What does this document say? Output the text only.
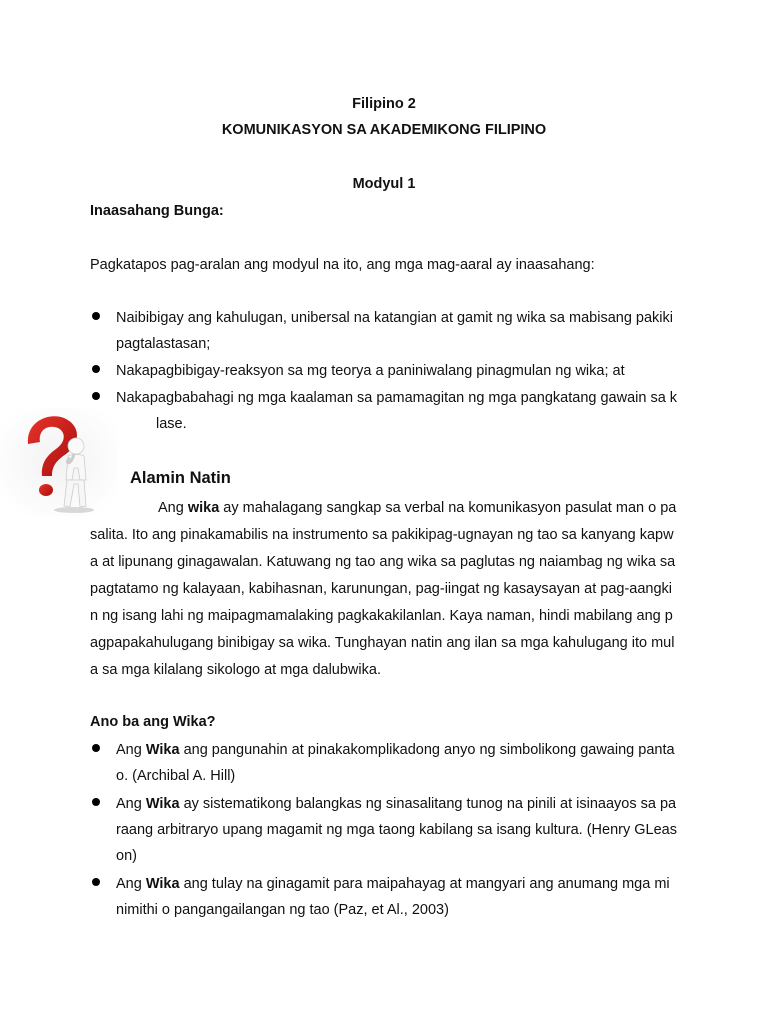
Filipino 2
KOMUNIKASYON SA AKADEMIKONG FILIPINO
Modyul 1
Inaasahang Bunga:
Pagkatapos pag-aralan ang modyul na ito, ang mga mag-aaral ay inaasahang:
Naibibigay ang kahulugan, unibersal na katangian at gamit ng wika sa mabisang pakiki
pagtalastasan;
Nakapagbibigay-reaksyon sa mg teorya a paniniwalang pinagmulan ng wika; at
Nakapagbabahagi ng mga kaalaman sa pamamagitan ng mga pangkatang gawain sa k
lase.
Alamin Natin
Ang wika ay mahalagang sangkap sa verbal na komunikasyon pasulat man o pa
salita. Ito ang pinakamabilis na instrumento sa pakikipag-ugnayan ng tao sa kanyang kapw
a at lipunang ginagawalan. Katuwang ng tao ang wika sa paglutas ng naiambag ng wika sa
pagtatamo ng kalayaan, kabihasnan, karunungan, pag-iingat ng kasaysayan at pag-aangki
n ng isang lahi ng maipagmamalaking pagkakakilanlan. Kaya naman, hindi mabilang ang p
agpapakahulugang binibigay sa wika. Tunghayan natin ang ilan sa mga kahulugang ito mul
a sa mga kilalang sikologo at mga dalubwika.
Ano ba ang Wika?
Ang Wika ang pangunahin at pinakakomplikadong anyo ng simbolikong gawaing panta
o. (Archibal A. Hill)
Ang Wika ay sistematikong balangkas ng sinasalitang tunog na pinili at isinaayos sa pa
raang arbitraryo upang magamit ng mga taong kabilang sa isang kultura. (Henry GLeas
on)
Ang Wika ang tulay na ginagamit para maipahayag at mangyari ang anumang mga mi
nimithi o pangangailangan ng tao (Paz, et Al., 2003)
